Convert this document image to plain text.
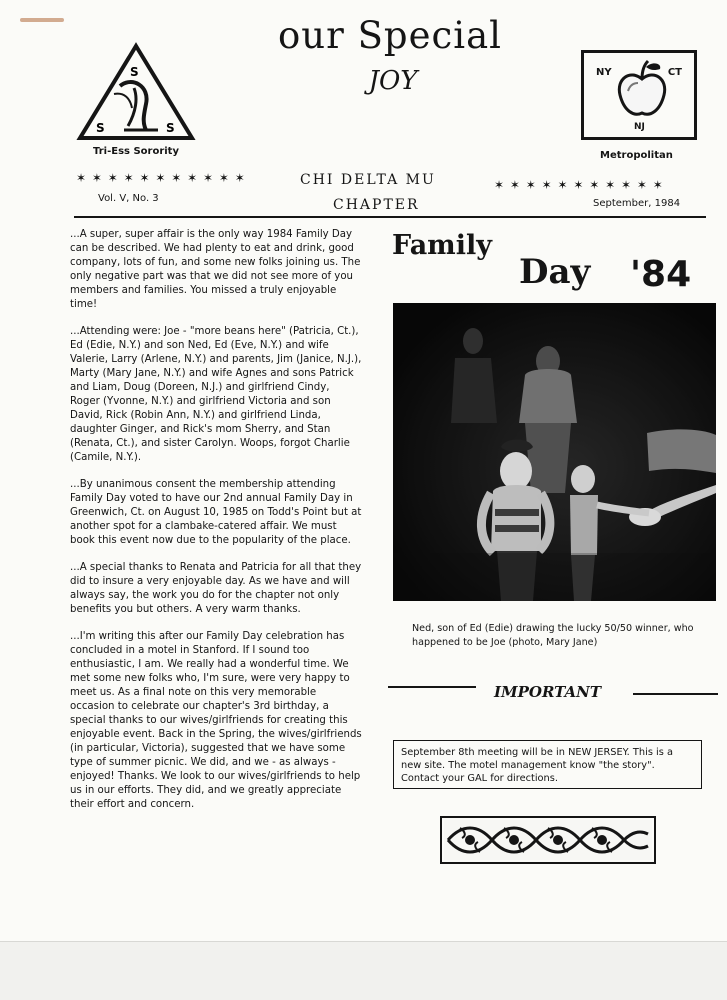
our Special
JOY
S
S	S
Tri-Ess Sorority
NY	CT
NJ
Metropolitan
✶ ✶ ✶ ✶ ✶ ✶ ✶ ✶ ✶ ✶ ✶	CHI DELTA MU	✶ ✶ ✶ ✶ ✶ ✶ ✶ ✶ ✶ ✶ ✶
Vol. V, No. 3	CHAPTER	September, 1984

...A super, super affair is the only way 1984 Family Day can be described. We had plenty to eat and drink, good company, lots of fun, and some new folks joining us. The only negative part was that we did not see more of you members and families. You missed a truly enjoyable time!

...Attending were: Joe - "more beans here" (Patricia, Ct.), Ed (Edie, N.Y.) and son Ned, Ed (Eve, N.Y.) and wife Valerie, Larry (Arlene, N.Y.) and parents, Jim (Janice, N.J.), Marty (Mary Jane, N.Y.) and wife Agnes and sons Patrick and Liam, Doug (Doreen, N.J.) and girlfriend Cindy, Roger (Yvonne, N.Y.) and girlfriend Victoria and son David, Rick (Robin Ann, N.Y.) and girlfriend Linda, daughter Ginger, and Rick's mom Sherry, and Stan (Renata, Ct.), and sister Carolyn. Woops, forgot Charlie (Camile, N.Y.).

...By unanimous consent the membership attending Family Day voted to have our 2nd annual Family Day in Greenwich, Ct. on August 10, 1985 on Todd's Point but at another spot for a clambake-catered affair. We must book this event now due to the popularity of the place.

...A special thanks to Renata and Patricia for all that they did to insure a very enjoyable day. As we have and will always say, the work you do for the chapter not only benefits you but others. A very warm thanks.

...I'm writing this after our Family Day celebration has concluded in a motel in Stanford. If I sound too enthusiastic, I am. We really had a wonderful time. We met some new folks who, I'm sure, were very happy to meet us. As a final note on this very memorable occasion to celebrate our chapter's 3rd birthday, a special thanks to our wives/girlfriends for creating this enjoyable event. Back in the Spring, the wives/girlfriends (in particular, Victoria), suggested that we have some type of summer picnic. We did, and we - as always - enjoyed! Thanks. We look to our wives/girlfriends to help us in our efforts. They did, and we greatly appreciate their effort and concern.

Family
Day '84
Ned, son of Ed (Edie) drawing the lucky 50/50 winner, who happened to be Joe (photo, Mary Jane)
IMPORTANT
September 8th meeting will be in NEW JERSEY. This is a new site. The motel management know "the story". Contact your GAL for directions.
